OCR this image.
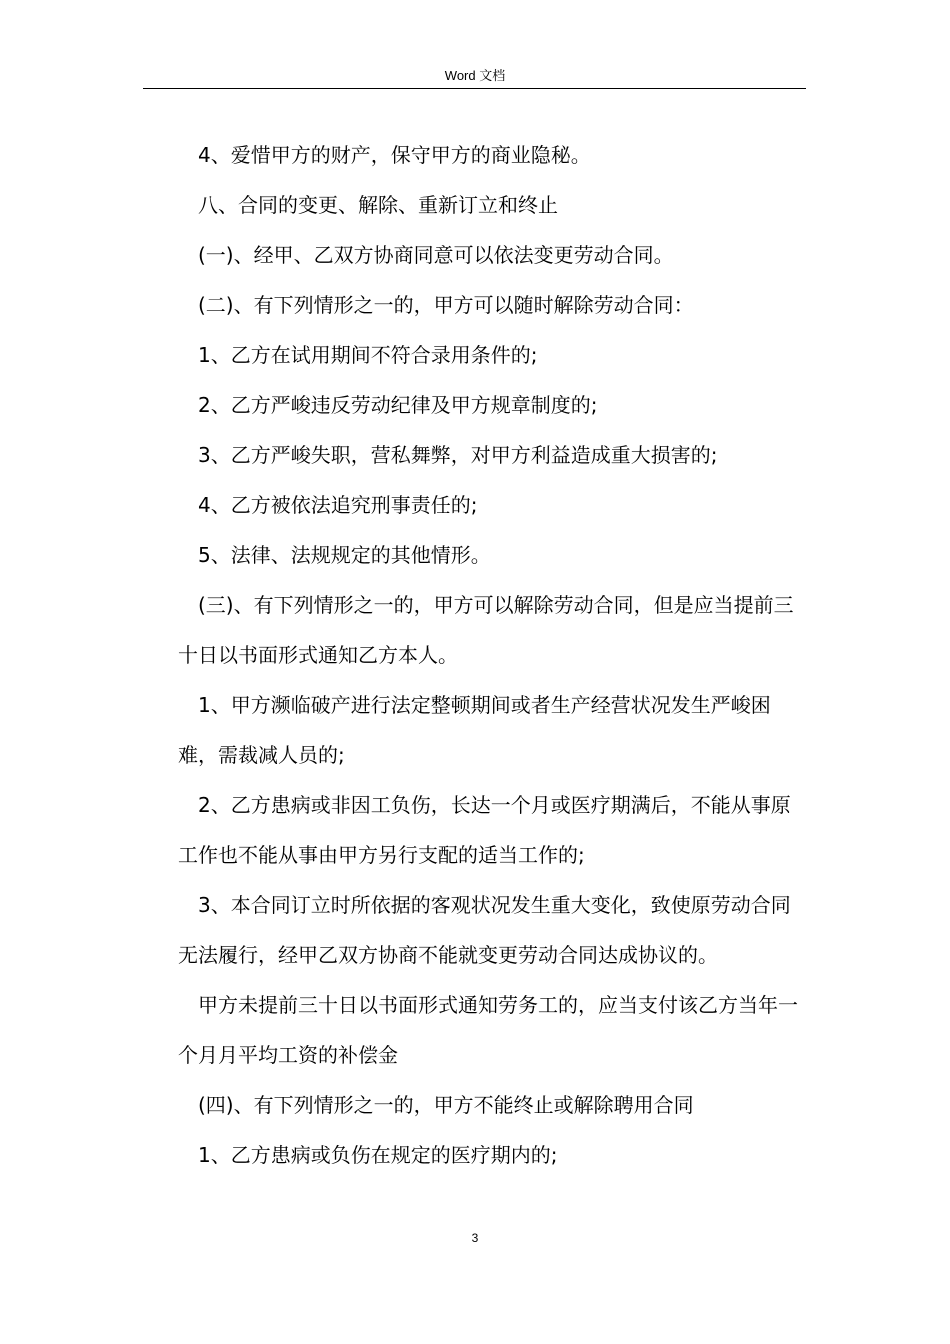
Word 文档

4、爱惜甲方的财产，保守甲方的商业隐秘。

八、合同的变更、解除、重新订立和终止

(一)、经甲、乙双方协商同意可以依法变更劳动合同。

(二)、有下列情形之一的，甲方可以随时解除劳动合同：

1、乙方在试用期间不符合录用条件的;

2、乙方严峻违反劳动纪律及甲方规章制度的;

3、乙方严峻失职，营私舞弊，对甲方利益造成重大损害的;

4、乙方被依法追究刑事责任的;

5、法律、法规规定的其他情形。

(三)、有下列情形之一的，甲方可以解除劳动合同，但是应当提前三十日以书面形式通知乙方本人。

1、甲方濒临破产进行法定整顿期间或者生产经营状况发生严峻困难，需裁减人员的;

2、乙方患病或非因工负伤，长达一个月或医疗期满后，不能从事原工作也不能从事由甲方另行支配的适当工作的;

3、本合同订立时所依据的客观状况发生重大变化，致使原劳动合同无法履行，经甲乙双方协商不能就变更劳动合同达成协议的。

甲方未提前三十日以书面形式通知劳务工的，应当支付该乙方当年一个月月平均工资的补偿金

(四)、有下列情形之一的，甲方不能终止或解除聘用合同

1、乙方患病或负伤在规定的医疗期内的;

3
